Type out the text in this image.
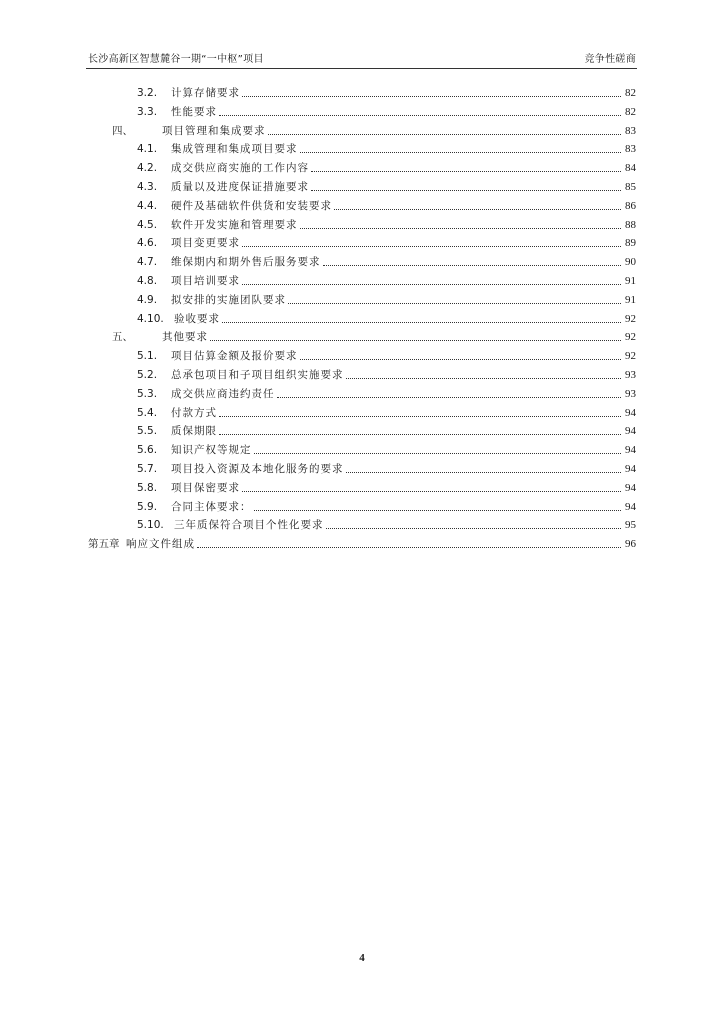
长沙高新区智慧麓谷一期“一中枢”项目	竞争性磋商
3.2.	计算存储要求	82
3.3.	性能要求	82
四、	项目管理和集成要求	83
4.1.	集成管理和集成项目要求	83
4.2.	成交供应商实施的工作内容	84
4.3.	质量以及进度保证措施要求	85
4.4.	硬件及基础软件供货和安装要求	86
4.5.	软件开发实施和管理要求	88
4.6.	项目变更要求	89
4.7.	维保期内和期外售后服务要求	90
4.8.	项目培训要求	91
4.9.	拟安排的实施团队要求	91
4.10. 验收要求	92
五、	其他要求	92
5.1.	项目估算金额及报价要求	92
5.2.	总承包项目和子项目组织实施要求	93
5.3.	成交供应商违约责任	93
5.4.	付款方式	94
5.5.	质保期限	94
5.6.	知识产权等规定	94
5.7.	项目投入资源及本地化服务的要求	94
5.8.	项目保密要求	94
5.9.	合同主体要求：	94
5.10. 三年质保符合项目个性化要求	95
第五章 响应文件组成	96
4
